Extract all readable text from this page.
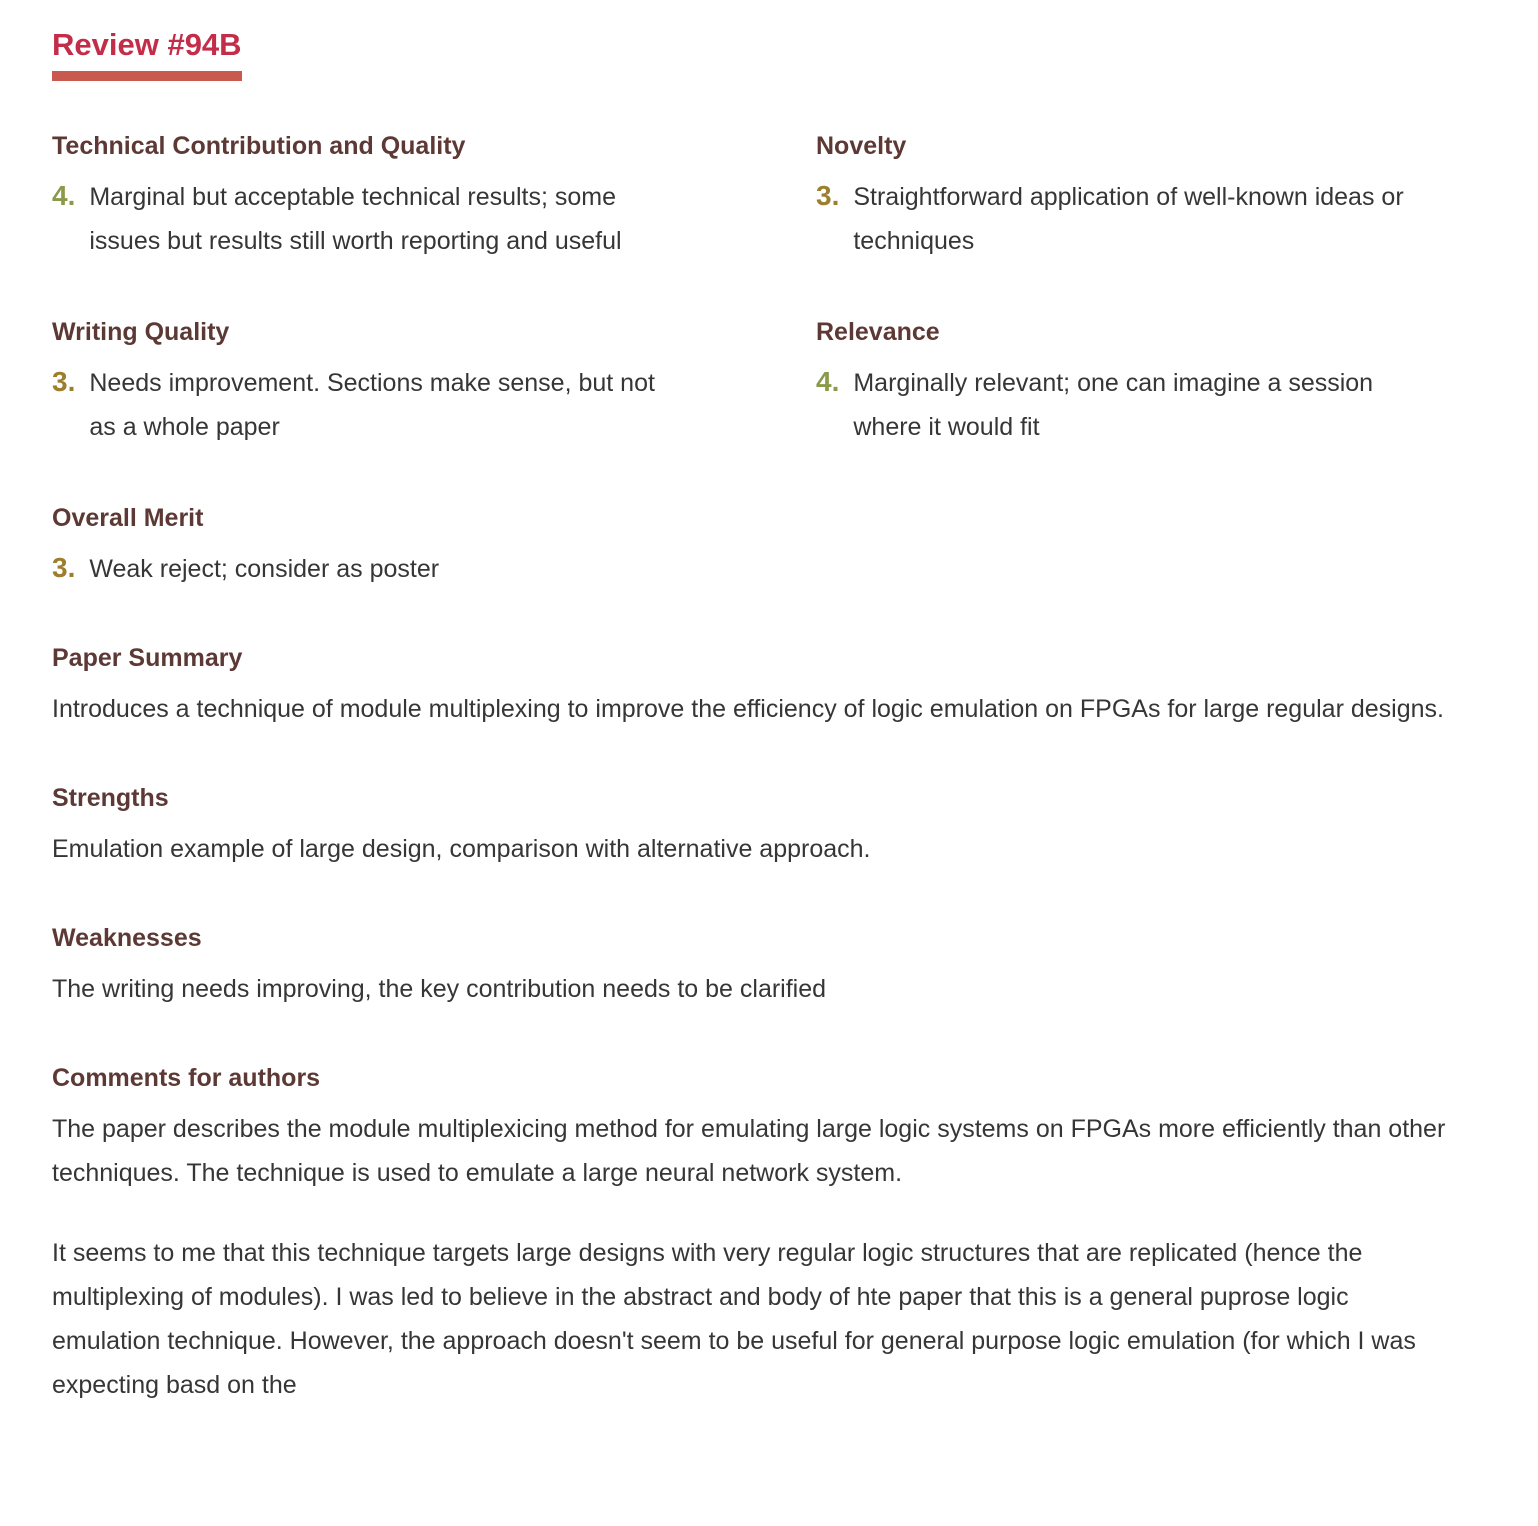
Review #94B
Technical Contribution and Quality

4. Marginal but acceptable technical results; some issues but results still worth reporting and useful

Novelty

3. Straightforward application of well-known ideas or techniques

Writing Quality

3. Needs improvement. Sections make sense, but not as a whole paper

Relevance

4. Marginally relevant; one can imagine a session where it would fit

Overall Merit

3. Weak reject; consider as poster

Paper Summary

Introduces a technique of module multiplexing to improve the efficiency of logic emulation on FPGAs for large regular designs.

Strengths

Emulation example of large design, comparison with alternative approach.

Weaknesses

The writing needs improving, the key contribution needs to be clarified

Comments for authors

The paper describes the module multiplexicing method for emulating large logic systems on FPGAs more efficiently than other techniques. The technique is used to emulate a large neural network system.

It seems to me that this technique targets large designs with very regular logic structures that are replicated (hence the multiplexing of modules). I was led to believe in the abstract and body of hte paper that this is a general puprose logic emulation technique. However, the approach doesn't seem to be useful for general purpose logic emulation (for which I was expecting basd on the
